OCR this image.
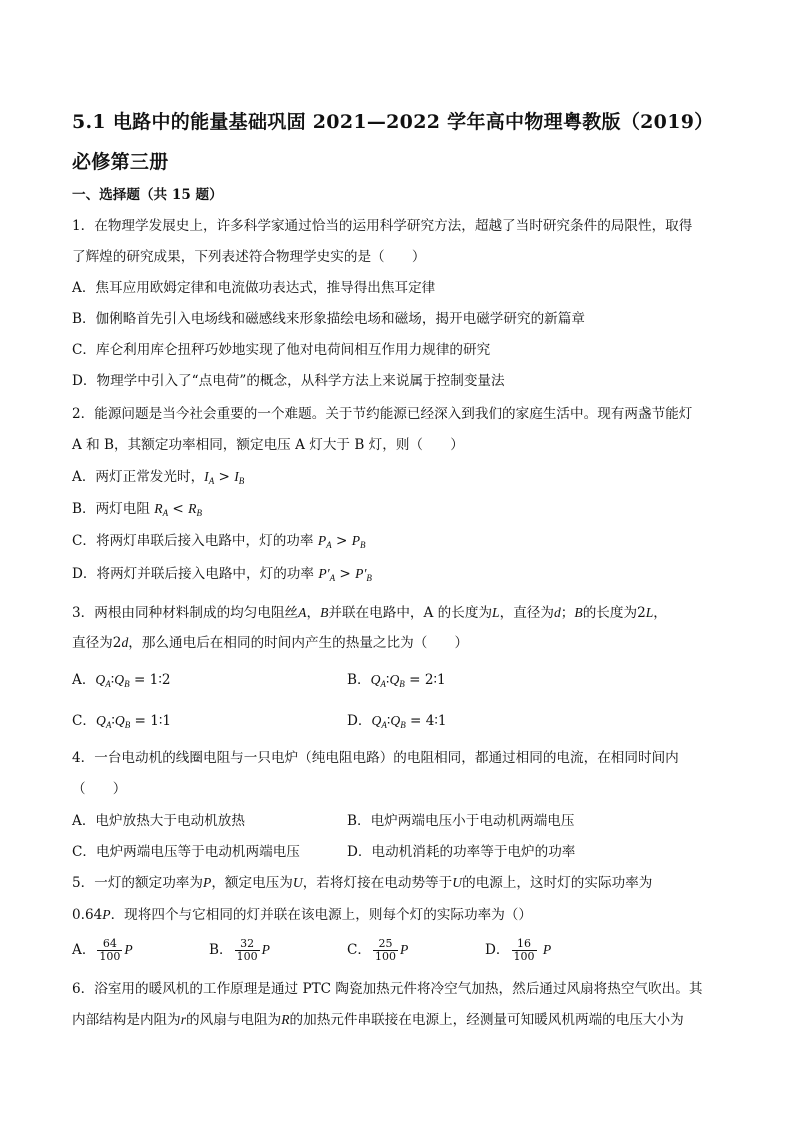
5.1 电路中的能量基础巩固 2021—2022 学年高中物理粤教版（2019）
必修第三册
一、选择题（共 15 题）
1．在物理学发展史上，许多科学家通过恰当的运用科学研究方法，超越了当时研究条件的局限性，取得
了辉煌的研究成果，下列表述符合物理学史实的是（　　）
A．焦耳应用欧姆定律和电流做功表达式，推导得出焦耳定律
B．伽俐略首先引入电场线和磁感线来形象描绘电场和磁场，揭开电磁学研究的新篇章
C．库仑利用库仑扭秤巧妙地实现了他对电荷间相互作用力规律的研究
D．物理学中引入了“点电荷”的概念，从科学方法上来说属于控制变量法
2．能源问题是当今社会重要的一个难题。关于节约能源已经深入到我们的家庭生活中。现有两盏节能灯
A 和 B，其额定功率相同，额定电压 A 灯大于 B 灯，则（　　）
A．两灯正常发光时，$I_A > I_B$
B．两灯电阻 $R_A < R_B$
C．将两灯串联后接入电路中，灯的功率 $P_A > P_B$
D．将两灯并联后接入电路中，灯的功率 $P'_A > P'_B$
3．两根由同种材料制成的均匀电阻丝A，B并联在电路中，A 的长度为L，直径为d；B的长度为2L，
直径为2d，那么通电后在相同的时间内产生的热量之比为（　　）
A．$Q_A∶Q_B$ = 1∶2	B．$Q_A∶Q_B$ = 2∶1
C．$Q_A∶Q_B$ = 1∶1	D．$Q_A∶Q_B$ = 4∶1
4．一台电动机的线圈电阻与一只电炉（纯电阻电路）的电阻相同，都通过相同的电流，在相同时间内
（　　）
A．电炉放热大于电动机放热	B．电炉两端电压小于电动机两端电压
C．电炉两端电压等于电动机两端电压	D．电动机消耗的功率等于电炉的功率
5．一灯的额定功率为P，额定电压为U，若将灯接在电动势等于U的电源上，这时灯的实际功率为
0.64P．现将四个与它相同的灯并联在该电源上，则每个灯的实际功率为（）
A． $\frac{64}{100}$ P	B． $\frac{32}{100}$ P	C． $\frac{25}{100}$ P	D． $\frac{16}{100}$ P
6．浴室用的暖风机的工作原理是通过 PTC 陶瓷加热元件将冷空气加热，然后通过风扇将热空气吹出。其
内部结构是内阻为r的风扇与电阻为R的加热元件串联接在电源上，经测量可知暖风机两端的电压大小为
